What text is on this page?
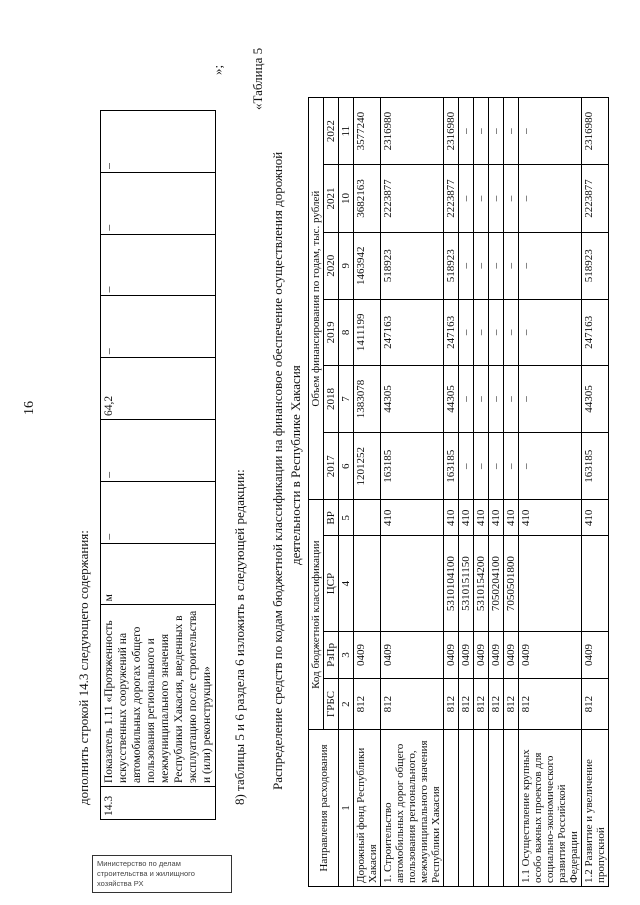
16
дополнить строкой 14.3 следующего содержания:
14.3	Показатель 1.11 «Протяженность искусственных сооружений на автомобильных дорогах общего пользования регионального и межмуниципального значения Республики Хакасия, введенных в эксплуатацию после строительства и (или) реконструкции»	м	–	–	64,2	–	–	–	–
»;
8) таблицы 5 и 6 раздела 6 изложить в следующей редакции:
«Таблица 5
Распределение средств по кодам бюджетной классификации на финансовое обеспечение осуществления дорожной деятельности в Республике Хакасия
Направления расходования	Код бюджетной классификации				Объем финансирования по годам, тыс. рублей					
	ГРБС	РзПр	ЦСР	ВР	2017	2018	2019	2020	2021	2022
1	2	3	4	5	6	7	8	9	10	11
Дорожный фонд Республики Хакасия	812	0409			1201252	1383078	1411199	1463942	3682163	3577240
1. Строительство автомобильных дорог общего пользования регионального, межмуниципального значения Республики Хакасия	812	0409		410	163185	44305	247163	518923	2223877	2316980
	812	0409	5310104100	410	163185	44305	247163	518923	2223877	2316980
	812	0409	5310151150	410	–	–	–	–	–	–
	812	0409	5310154200	410	–	–	–	–	–	–
	812	0409	7050204100	410	–	–	–	–	–	–
	812	0409	7050501800	410	–	–	–	–	–	–
1.1 Осуществление крупных особо важных проектов для социально-экономического развития Российской Федерации	812	0409		410	–	–	–	–	–	–
1.2 Развитие и увеличение пропускной	812	0409		410	163185	44305	247163	518923	2223877	2316980
Министерство по делам
строительства и жилищного
хозяйства РХ
